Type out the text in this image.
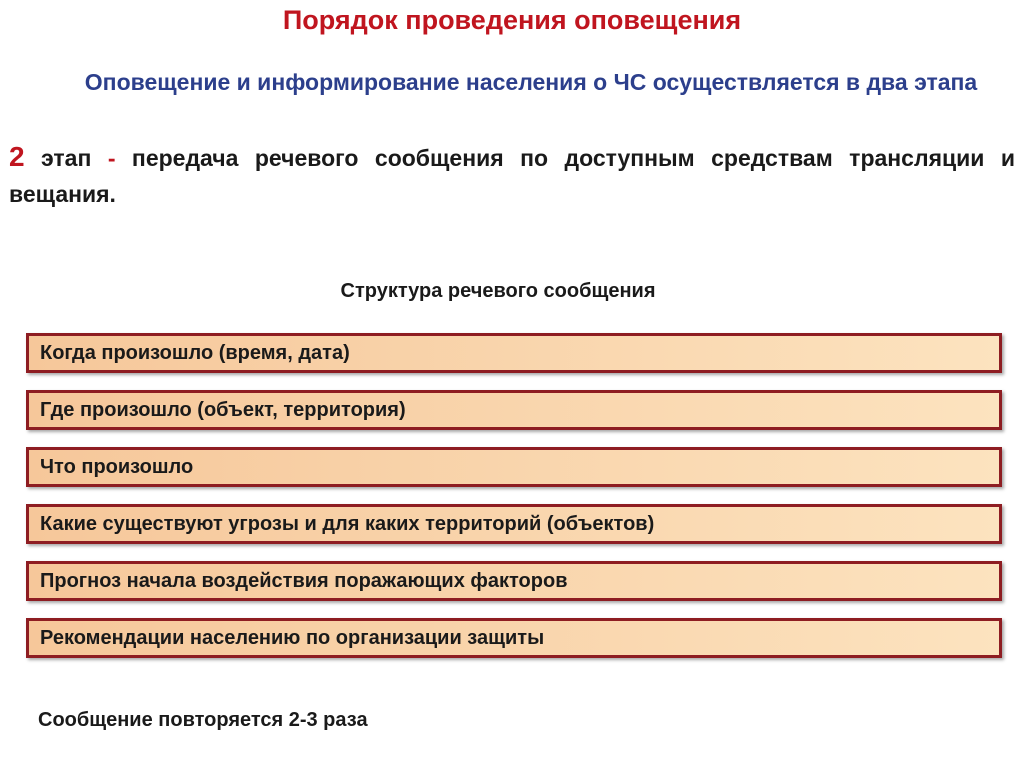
Порядок проведения оповещения
Оповещение и информирование населения о ЧС осуществляется в два этапа
2 этап - передача речевого сообщения по доступным средствам трансляции и вещания.
Структура речевого сообщения
Когда произошло (время, дата)
Где произошло (объект, территория)
Что произошло
Какие существуют угрозы и для каких территорий (объектов)
Прогноз начала воздействия поражающих факторов
Рекомендации населению по организации защиты
Сообщение повторяется 2-3 раза
